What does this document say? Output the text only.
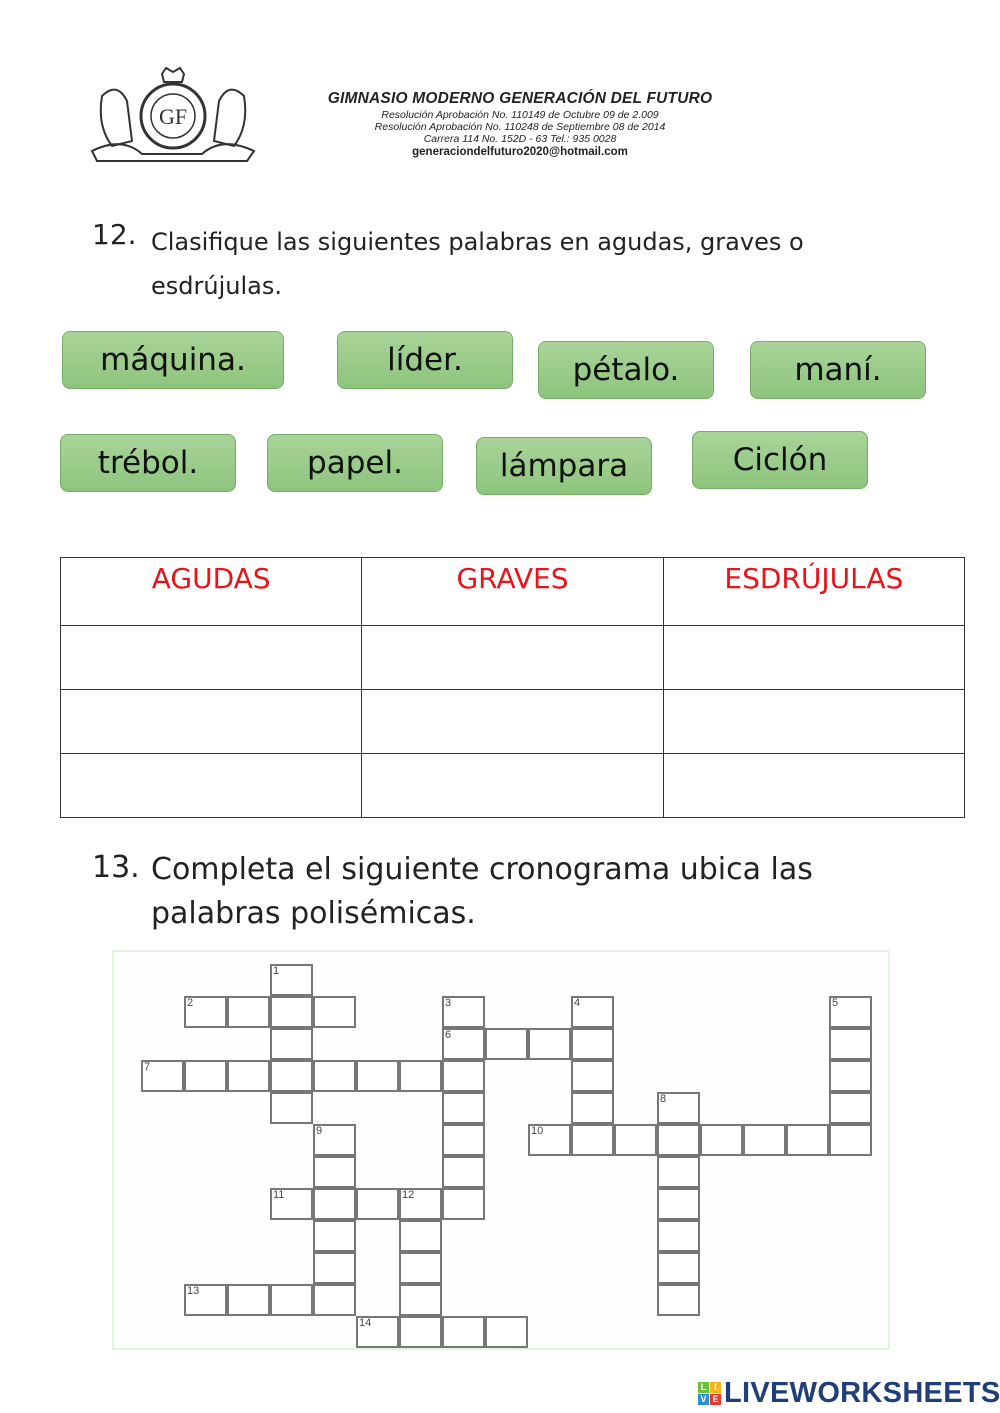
GF
GIMNASIO MODERNO GENERACIÓN DEL FUTURO
Resolución Aprobación No. 110149 de Octubre 09 de 2.009
Resolución Aprobación No. 110248 de Septiembre 08 de 2014
Carrera 114 No. 152D - 63 Tel.: 935 0028
generaciondelfuturo2020@hotmail.com
12. Clasifique las siguientes palabras en agudas, graves o esdrújulas.
máquina.	líder.	pétalo.	maní.
trébol.	papel.	lámpara	Ciclón
AGUDAS	GRAVES	ESDRÚJULAS

13. Completa el siguiente cronograma ubica las palabras polisémicas.
1
2	3
6
4	5
7
8
9	10
11	12
13
14
L I
V E LIVEWORKSHEETS
